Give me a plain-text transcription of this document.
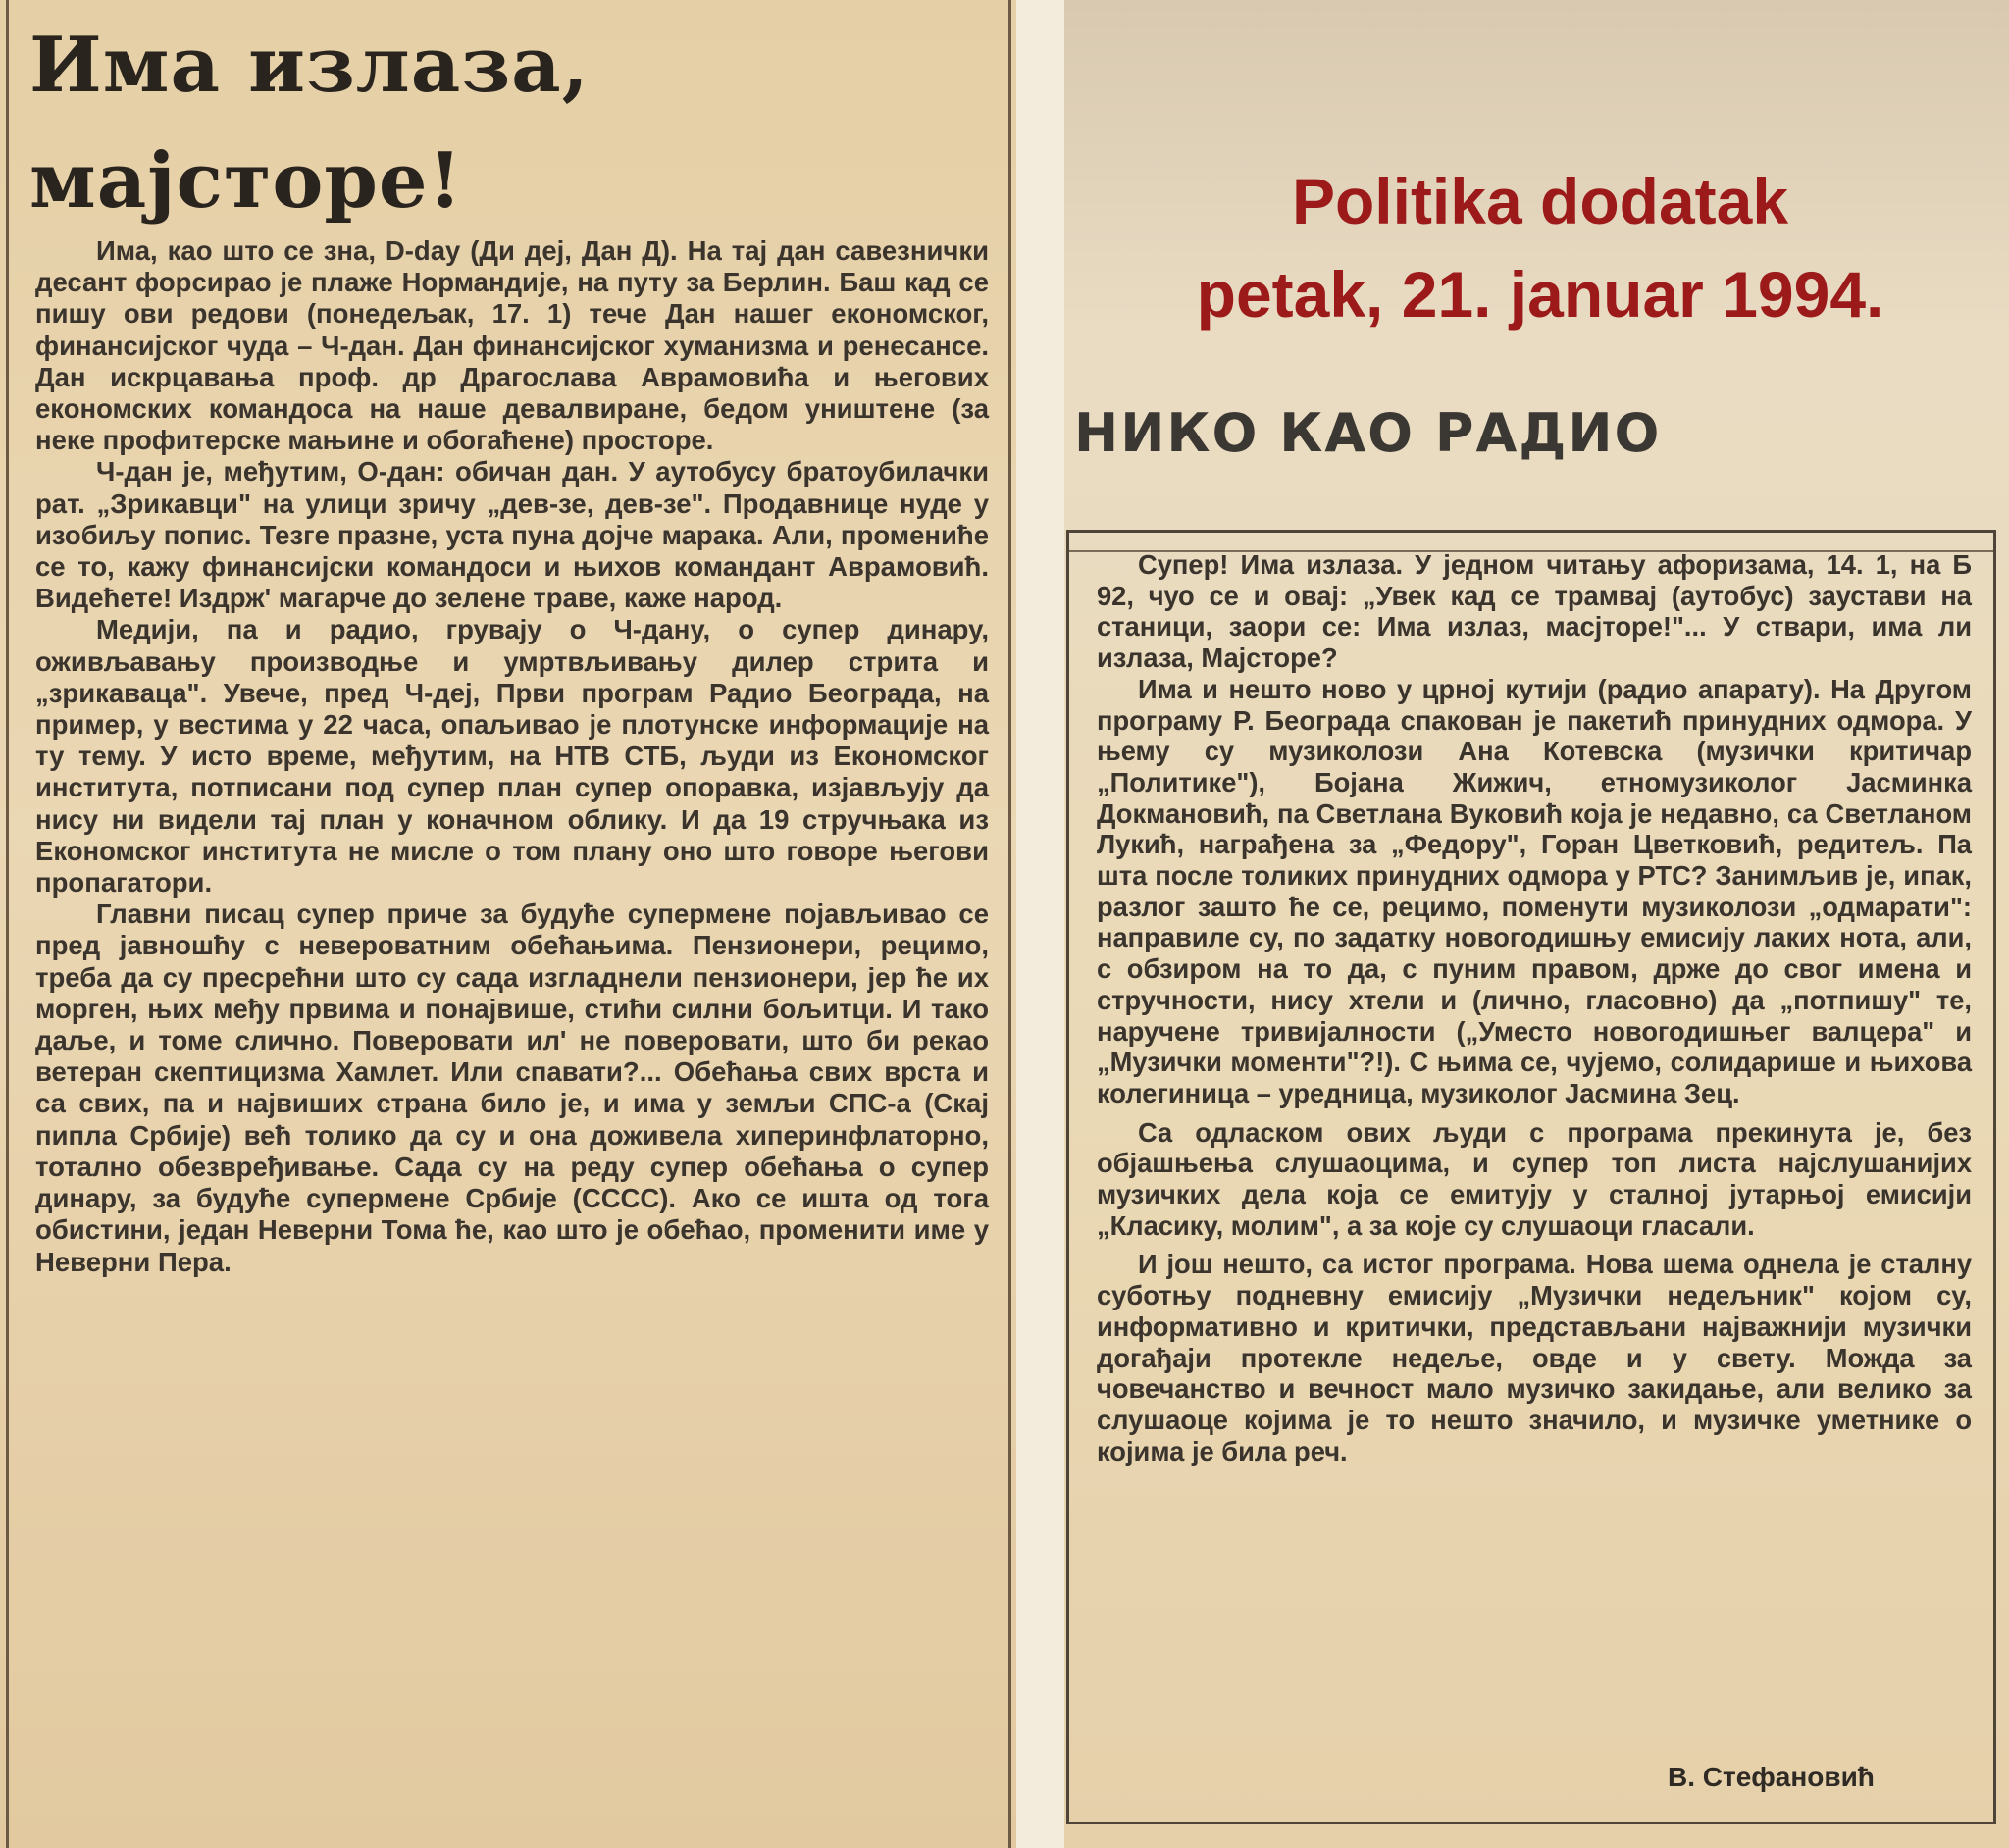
Има излаза,
мајсторе!

Има, као што се зна, D-day (Ди деј, Дан Д). На тај дан савезнички десант форсирао је плаже Нормандије, на путу за Берлин. Баш кад се пишу ови редови (понедељак, 17. 1) тече Дан нашег економског, финансијског чуда – Ч-дан. Дан финансијског хуманизма и ренесансе. Дан искрцавања проф. др Драгослава Аврамовића и његових економских командоса на наше девалвиране, бедом уништене (за неке профитерске мањине и обогаћене) просторе.

Ч-дан је, међутим, О-дан: обичан дан. У аутобусу братоубилачки рат. „Зрикавци" на улици зричу „дев-зе, дев-зе". Продавнице нуде у изобиљу попис. Тезге празне, уста пуна дојче марака. Али, промениће се то, кажу финансијски командоси и њихов командант Аврамовић. Видећете! Издрж' магарче до зелене траве, каже народ.

Медији, па и радио, грувају о Ч-дану, о супер динару, оживљавању производње и умртвљивању дилер стрита и „зрикаваца". Увече, пред Ч-деј, Први програм Радио Београда, на пример, у вестима у 22 часа, опаљивао је плотунске информације на ту тему. У исто време, међутим, на НТВ СТБ, људи из Економског института, потписани под супер план супер опоравка, изјављују да нису ни видели тај план у коначном облику. И да 19 стручњака из Економског института не мисле о том плану оно што говоре његови пропагатори.

Главни писац супер приче за будуће супермене појављивао се пред јавношћу с невероватним обећањима. Пензионери, рецимо, треба да су пресрећни што су сада изгладнели пензионери, јер ће их морген, њих међу првима и понајвише, стићи силни бољитци. И тако даље, и томе слично. Поверовати ил' не поверовати, што би рекао ветеран скептицизма Хамлет. Или спавати?... Обећања свих врста и са свих, па и највиших страна било је, и има у земљи СПС-а (Скај пипла Србије) већ толико да су и она доживела хиперинфлаторно, тотално обезвређивање. Сада су на реду супер обећања о супер динару, за будуће супермене Србије (СССС). Ако се ишта од тога обистини, један Неверни Тома ће, као што је обећао, променити име у Неверни Пера.

Politika dodatak
petak, 21. januar 1994.
НИКО КАО РАДИО

Супер! Има излаза. У једном читању афоризама, 14. 1, на Б 92, чуо се и овај: „Увек кад се трамвај (аутобус) заустави на станици, заори се: Има излаз, масјторе!"... У ствари, има ли излаза, Мајсторе?

Има и нешто ново у црној кутији (радио апарату). На Другом програму Р. Београда спакован је пакетић принудних одмора. У њему су музиколози Ана Котевска (музички критичар „Политике"), Бојана Жижич, етномузиколог Јасминка Докмановић, па Светлана Вуковић која је недавно, са Светланом Лукић, награђена за „Федору", Горан Цветковић, редитељ. Па шта после толиких принудних одмора у РТС? Занимљив је, ипак, разлог зашто ће се, рецимо, поменути музиколози „одмарати": направиле су, по задатку новогодишњу емисију лаких нота, али, с обзиром на то да, с пуним правом, држе до свог имена и стручности, нису хтели и (лично, гласовно) да „потпишу" те, наручене тривијалности („Уместо новогодишњег валцера" и „Музички моменти"?!). С њима се, чујемо, солидарише и њихова колегиница – уредница, музиколог Јасмина Зец.

Са одласком ових људи с програма прекинута је, без објашњења слушаоцима, и супер топ листа најслушанијих музичких дела која се емитују у сталној јутарњој емисији „Класику, молим", а за које су слушаоци гласали.

И још нешто, са истог програма. Нова шема однела је сталну суботњу подневну емисију „Музички недељник" којом су, информативно и критички, представљани најважнији музички догађаји протекле недеље, овде и у свету. Можда за човечанство и вечност мало музичко закидање, али велико за слушаоце којима је то нешто значило, и музичке уметнике о којима је била реч.

В. Стефановић
